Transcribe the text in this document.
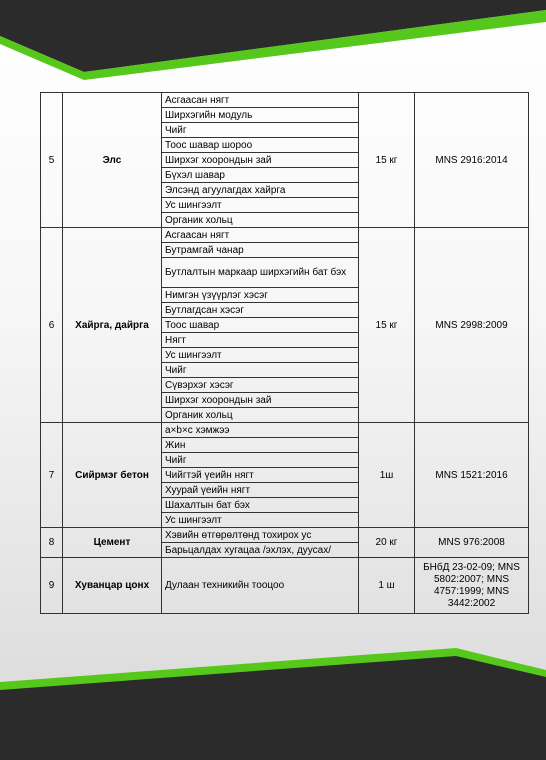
5	Элс	Асгаасан нягт	15 кг	MNS 2916:2014
		Ширхэгийн модуль		
		Чийг		
		Тоос шавар шороо		
		Ширхэг хоорондын зай		
		Бүхэл шавар		
		Элсэнд агуулагдах хайрга		
		Ус шингээлт		
		Органик хольц		
6	Хайрга, дайрга	Асгаасан нягт	15 кг	MNS 2998:2009
		Бутрамгай чанар		
		Бутлалтын маркаар ширхэгийн бат бэх		
		Нимгэн үзүүрлэг хэсэг		
		Бутлагдсан хэсэг		
		Тоос шавар		
		Нягт		
		Ус шингээлт		
		Чийг		
		Сүвэрхэг хэсэг		
		Ширхэг хоорондын зай		
		Органик хольц		
7	Сийрмэг бетон	a×b×c хэмжээ	1ш	MNS 1521:2016
		Жин		
		Чийг		
		Чийгтэй үеийн нягт		
		Хуурай үеийн нягт		
		Шахалтын бат бэх		
		Ус шингээлт		
8	Цемент	Хэвийн өтгөрөлтөнд тохирох ус	20 кг	MNS 976:2008
		Барьцалдах хугацаа /эхлэх, дуусах/		
9	Хуванцар цонх	Дулаан техникийн тооцоо	1 ш	БНбД 23-02-09; MNS 5802:2007; MNS 4757:1999; MNS 3442:2002
